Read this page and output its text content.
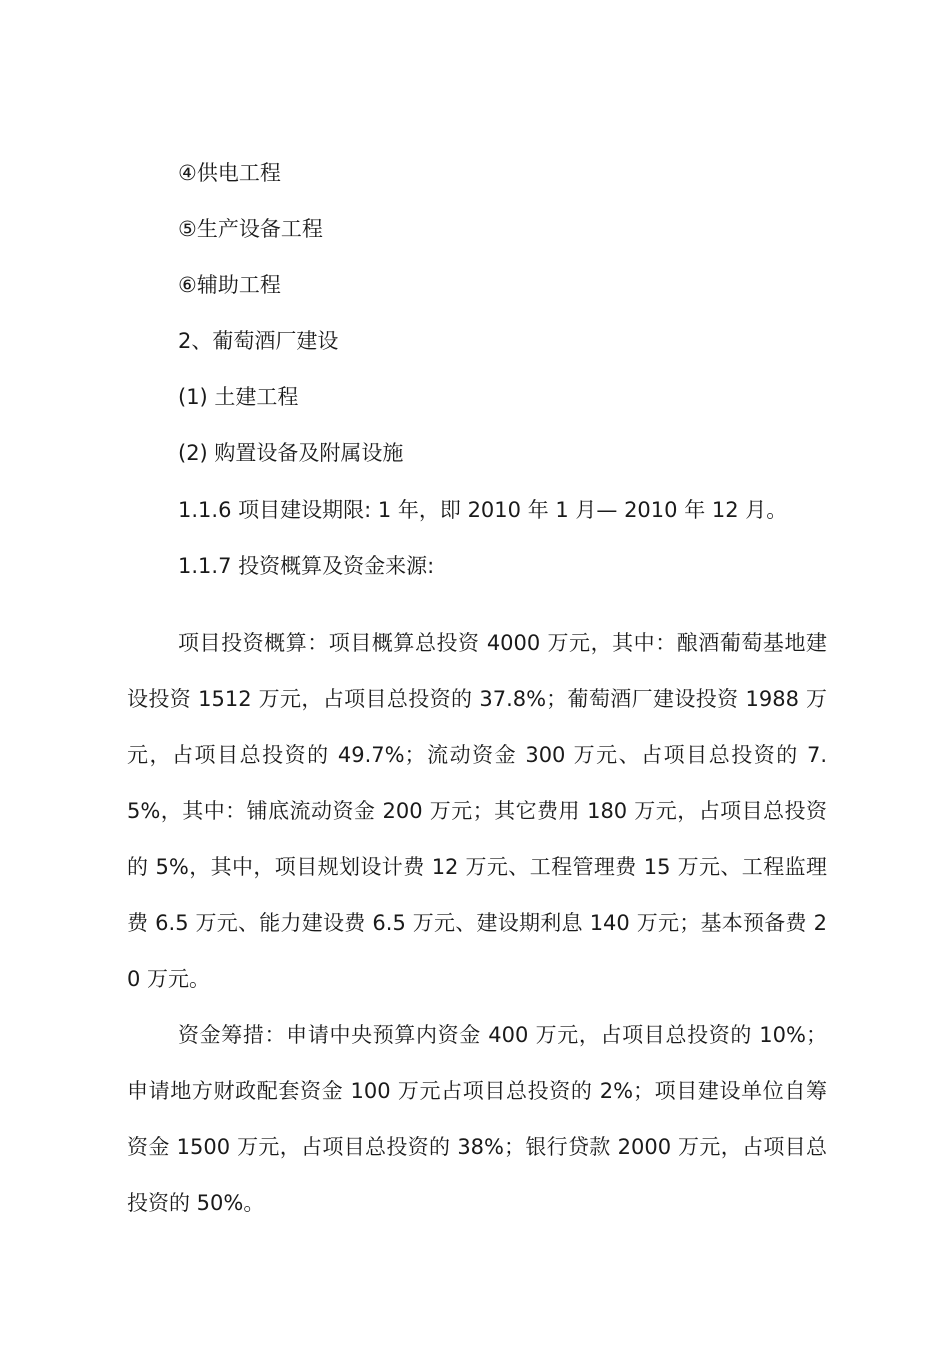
④供电工程
⑤生产设备工程
⑥辅助工程
2、葡萄酒厂建设
(1) 土建工程
(2) 购置设备及附属设施
1.1.6 项目建设期限: 1 年，即 2010 年 1 月— 2010 年 12 月。
1.1.7 投资概算及资金来源:

项目投资概算：项目概算总投资 4000 万元，其中：酿酒葡萄基地建设投资 1512 万元，占项目总投资的 37.8%；葡萄酒厂建设投资 1988 万元，占项目总投资的 49.7%；流动资金 300 万元、占项目总投资的 7.5%，其中：铺底流动资金 200 万元；其它费用 180 万元，占项目总投资的 5%，其中，项目规划设计费 12 万元、工程管理费 15 万元、工程监理费 6.5 万元、能力建设费 6.5 万元、建设期利息 140 万元；基本预备费 20 万元。

资金筹措：申请中央预算内资金 400 万元，占项目总投资的 10%；申请地方财政配套资金 100 万元占项目总投资的 2%；项目建设单位自筹资金 1500 万元，占项目总投资的 38%；银行贷款 2000 万元，占项目总投资的 50%。
